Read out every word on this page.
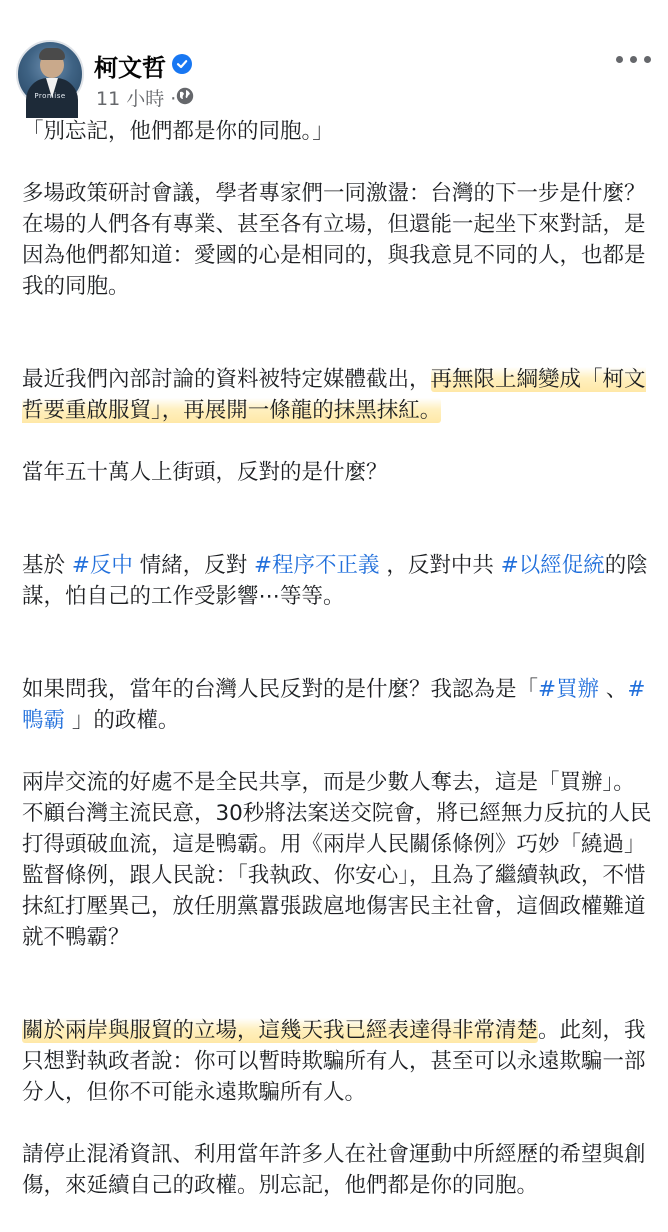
Promise
柯文哲
11 小時 ·

「別忘記，他們都是你的同胞。」

多場政策研討會議，學者專家們一同激盪：台灣的下一步是什麼？在場的人們各有專業、甚至各有立場，但還能一起坐下來對話，是因為他們都知道：愛國的心是相同的，與我意見不同的人，也都是我的同胞。

最近我們內部討論的資料被特定媒體截出，再無限上綱變成「柯文哲要重啟服貿」，再展開一條龍的抹黑抹紅。

當年五十萬人上街頭，反對的是什麼？

基於 #反中 情緒，反對 #程序不正義 ，反對中共 #以經促統的陰謀，怕自己的工作受影響⋯等等。

如果問我，當年的台灣人民反對的是什麼？我認為是「#買辦 、#鴨霸 」的政權。

兩岸交流的好處不是全民共享，而是少數人奪去，這是「買辦」。不顧台灣主流民意，30秒將法案送交院會，將已經無力反抗的人民打得頭破血流，這是鴨霸。用《兩岸人民關係條例》巧妙「繞過」監督條例，跟人民說：「我執政、你安心」，且為了繼續執政，不惜抹紅打壓異己，放任朋黨囂張跋扈地傷害民主社會，這個政權難道就不鴨霸？

關於兩岸與服貿的立場，這幾天我已經表達得非常清楚。此刻，我只想對執政者說：你可以暫時欺騙所有人，甚至可以永遠欺騙一部分人，但你不可能永遠欺騙所有人。

請停止混淆資訊、利用當年許多人在社會運動中所經歷的希望與創傷，來延續自己的政權。別忘記，他們都是你的同胞。
